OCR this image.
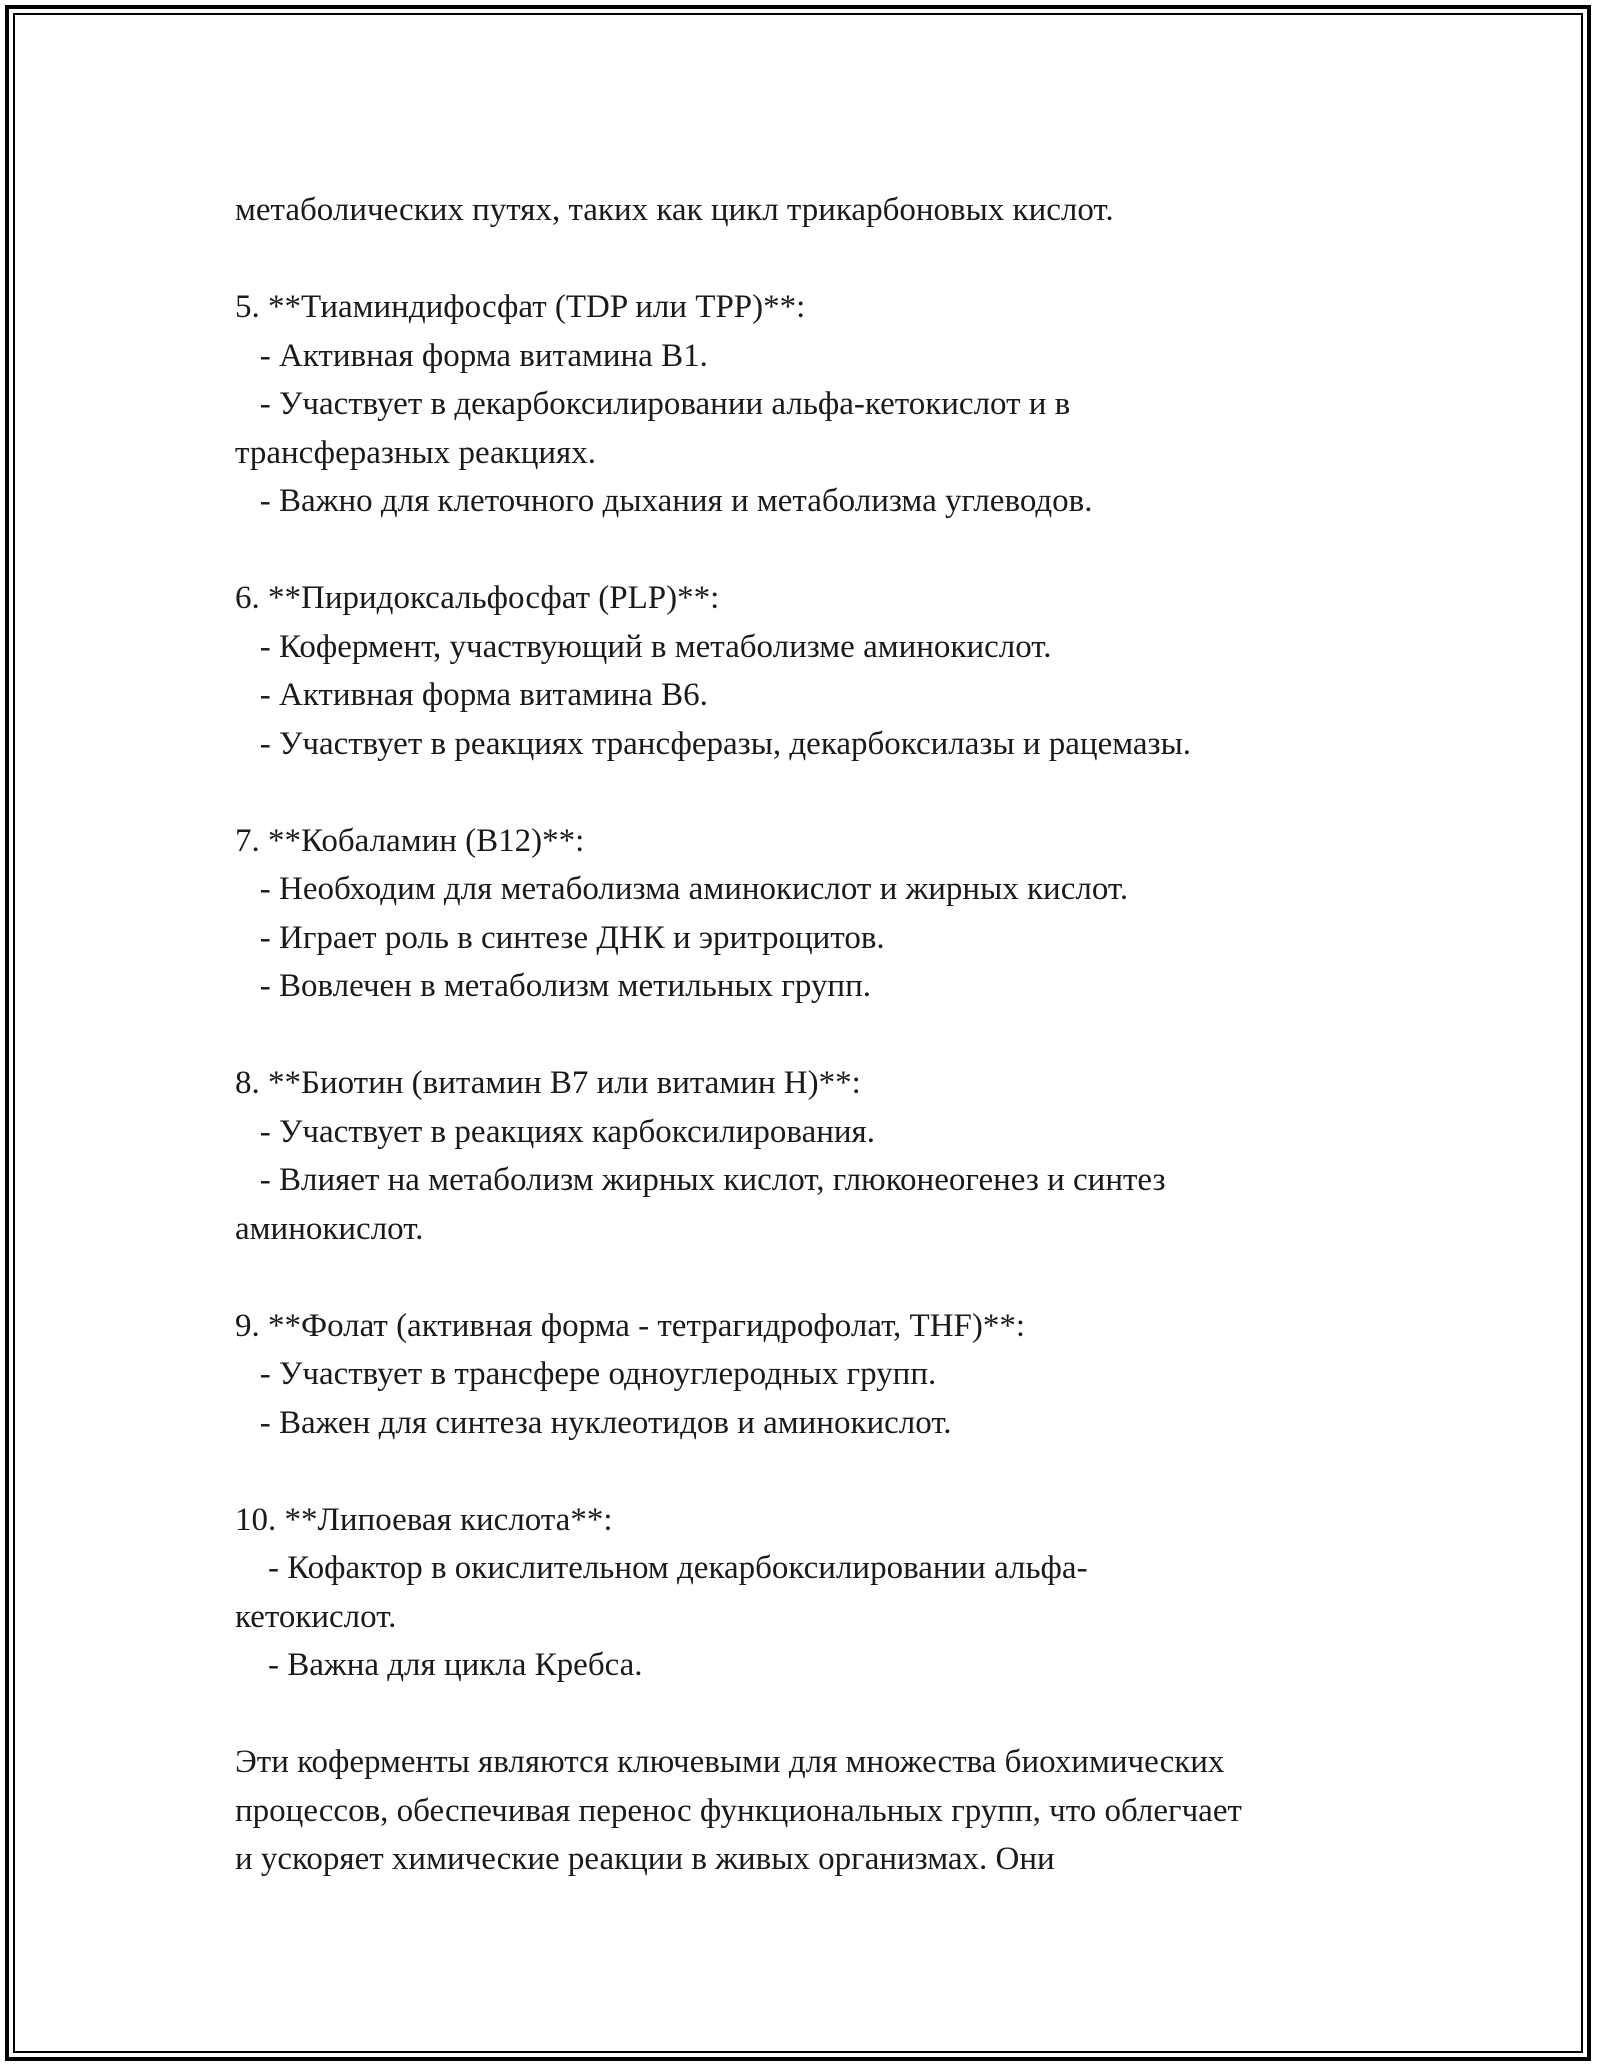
метаболических путях, таких как цикл трикарбоновых кислот.
5. **Тиаминдифосфат (TDP или TPP)**:
- Активная форма витамина B1.
- Участвует в декарбоксилировании альфа-кетокислот и в
трансферазных реакциях.
- Важно для клеточного дыхания и метаболизма углеводов.
6. **Пиридоксальфосфат (PLP)**:
- Кофермент, участвующий в метаболизме аминокислот.
- Активная форма витамина B6.
- Участвует в реакциях трансферазы, декарбоксилазы и рацемазы.
7. **Кобаламин (B12)**:
- Необходим для метаболизма аминокислот и жирных кислот.
- Играет роль в синтезе ДНК и эритроцитов.
- Вовлечен в метаболизм метильных групп.
8. **Биотин (витамин B7 или витамин H)**:
- Участвует в реакциях карбоксилирования.
- Влияет на метаболизм жирных кислот, глюконеогенез и синтез
аминокислот.
9. **Фолат (активная форма - тетрагидрофолат, THF)**:
- Участвует в трансфере одноуглеродных групп.
- Важен для синтеза нуклеотидов и аминокислот.
10. **Липоевая кислота**:
- Кофактор в окислительном декарбоксилировании альфа-
кетокислот.
- Важна для цикла Кребса.
Эти коферменты являются ключевыми для множества биохимических
процессов, обеспечивая перенос функциональных групп, что облегчает
и ускоряет химические реакции в живых организмах. Они
